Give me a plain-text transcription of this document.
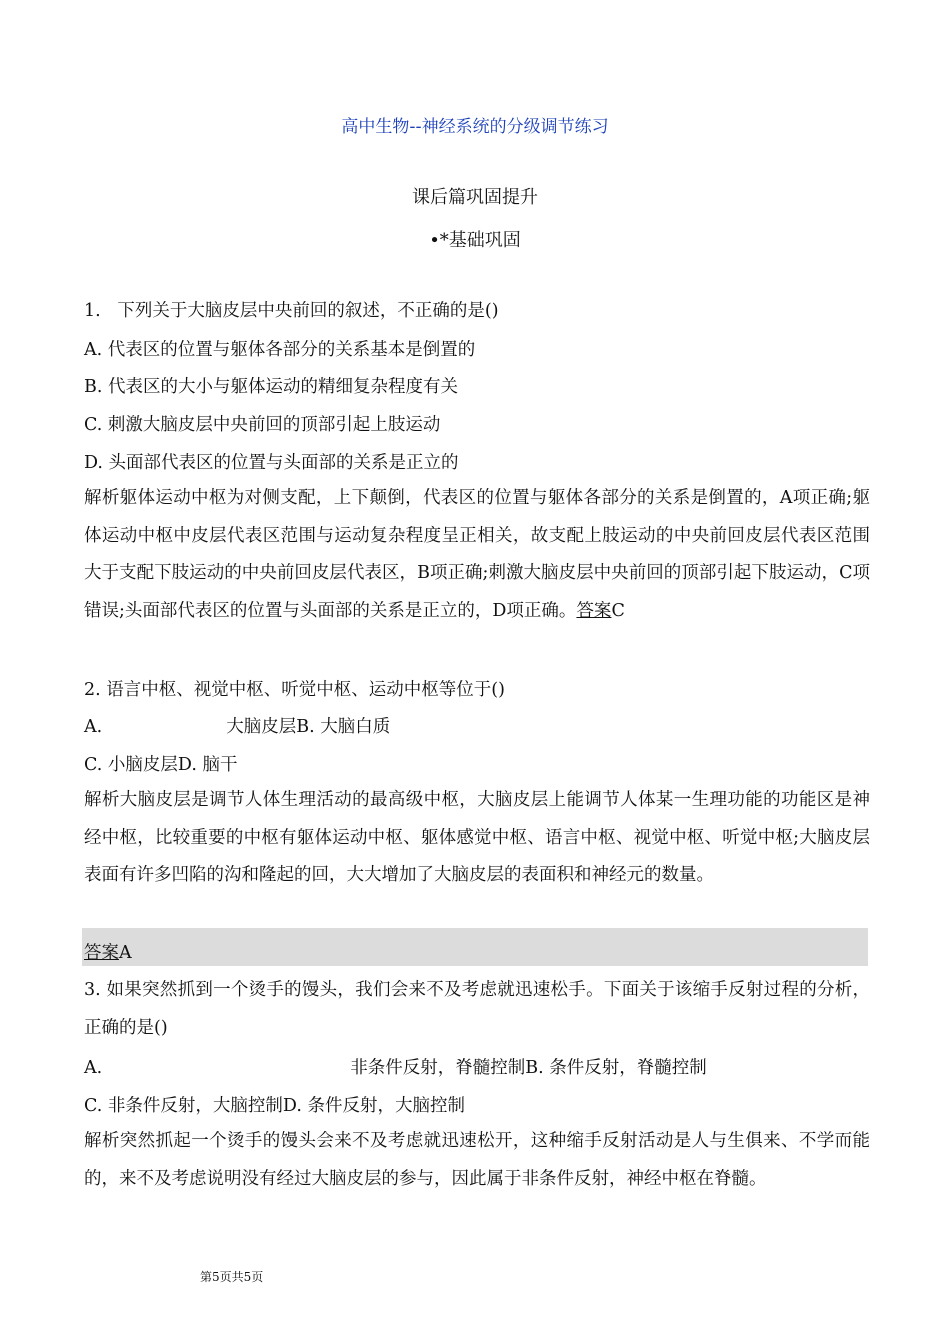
高中生物--神经系统的分级调节练习
课后篇巩固提升
•*基础巩固
1.   下列关于大脑皮层中央前回的叙述，不正确的是()
A. 代表区的位置与躯体各部分的关系基本是倒置的
B. 代表区的大小与躯体运动的精细复杂程度有关
C. 刺激大脑皮层中央前回的顶部引起上肢运动
D. 头面部代表区的位置与头面部的关系是正立的
解析躯体运动中枢为对侧支配，上下颠倒，代表区的位置与躯体各部分的关系是倒置的，A项正确;躯体运动中枢中皮层代表区范围与运动复杂程度呈正相关，故支配上肢运动的中央前回皮层代表区范围大于支配下肢运动的中央前回皮层代表区，B项正确;刺激大脑皮层中央前回的顶部引起下肢运动，C项错误;头面部代表区的位置与头面部的关系是正立的，D项正确。答案C
2. 语言中枢、视觉中枢、听觉中枢、运动中枢等位于()
A.	大脑皮层B. 大脑白质
C. 小脑皮层D. 脑干
解析大脑皮层是调节人体生理活动的最高级中枢，大脑皮层上能调节人体某一生理功能的功能区是神经中枢，比较重要的中枢有躯体运动中枢、躯体感觉中枢、语言中枢、视觉中枢、听觉中枢;大脑皮层表面有许多凹陷的沟和隆起的回，大大增加了大脑皮层的表面积和神经元的数量。
答案A
3. 如果突然抓到一个烫手的馒头，我们会来不及考虑就迅速松手。下面关于该缩手反射过程的分析，正确的是()
A.	非条件反射，脊髓控制B. 条件反射，脊髓控制
C. 非条件反射，大脑控制D. 条件反射，大脑控制
解析突然抓起一个烫手的馒头会来不及考虑就迅速松开，这种缩手反射活动是人与生俱来、不学而能的，来不及考虑说明没有经过大脑皮层的参与，因此属于非条件反射，神经中枢在脊髓。
第5页共5页
